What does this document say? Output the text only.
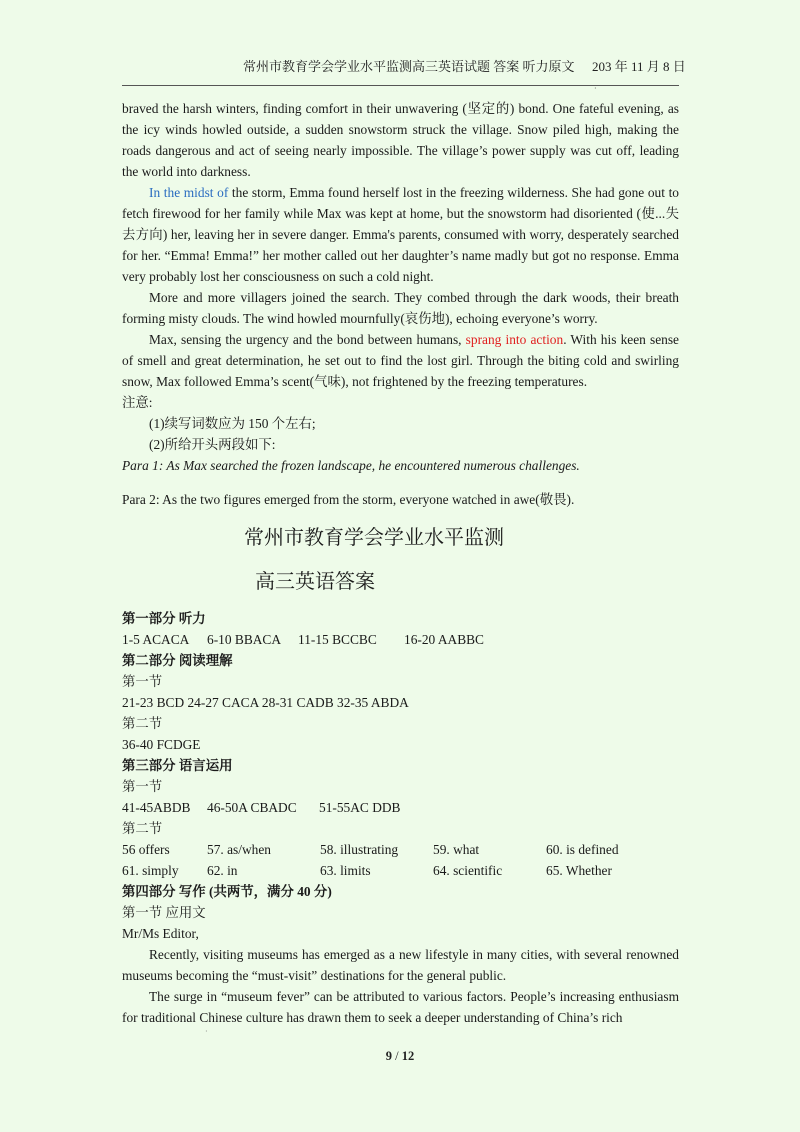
常州市教育学会学业水平监测高三英语试题 答案 听力原文 203 年 11 月 8 日
·

braved the harsh winters, finding comfort in their unwavering (坚定的) bond. One fateful evening, as the icy winds howled outside, a sudden snowstorm struck the village. Snow piled high, making the roads dangerous and act of seeing nearly impossible. The village’s power supply was cut off, leading the world into darkness.

In the midst of the storm, Emma found herself lost in the freezing wilderness. She had gone out to fetch firewood for her family while Max was kept at home, but the snowstorm had disoriented (使...失去方向) her, leaving her in severe danger. Emma's parents, consumed with worry, desperately searched for her. “Emma! Emma!” her mother called out her daughter’s name madly but got no response. Emma very probably lost her consciousness on such a cold night.

More and more villagers joined the search. They combed through the dark woods, their breath forming misty clouds. The wind howled mournfully(哀伤地), echoing everyone’s worry.

Max, sensing the urgency and the bond between humans, sprang into action. With his keen sense of smell and great determination, he set out to find the lost girl. Through the biting cold and swirling snow, Max followed Emma’s scent(气味), not frightened by the freezing temperatures.

注意:

(1)续写词数应为 150 个左右;

(2)所给开头两段如下:

Para 1: As Max searched the frozen landscape, he encountered numerous challenges.

Para 2: As the two figures emerged from the storm, everyone watched in awe(敬畏).

常州市教育学会学业水平监测

高三英语答案

第一部分 听力

1-5 ACACA	6-10 BBACA	11-15 BCCBC	16-20 AABBC

第二部分 阅读理解

第一节

21-23 BCD 24-27 CACA 28-31 CADB 32-35 ABDA

第二节

36-40 FCDGE

第三部分 语言运用

第一节

41-45ABDB	46-50A CBADC	51-55AC DDB

第二节

56 offers	57. as/when	58. illustrating	59. what	60. is defined
61. simply	62. in	63. limits	64. scientific	65. Whether

第四部分 写作 (共两节，满分 40 分)

第一节 应用文

Mr/Ms Editor,

Recently, visiting museums has emerged as a new lifestyle in many cities, with several renowned museums becoming the “must-visit” destinations for the general public.

The surge in “museum fever” can be attributed to various factors. People’s increasing enthusiasm for traditional Chinese culture has drawn them to seek a deeper understanding of China’s rich

·
9 / 12
